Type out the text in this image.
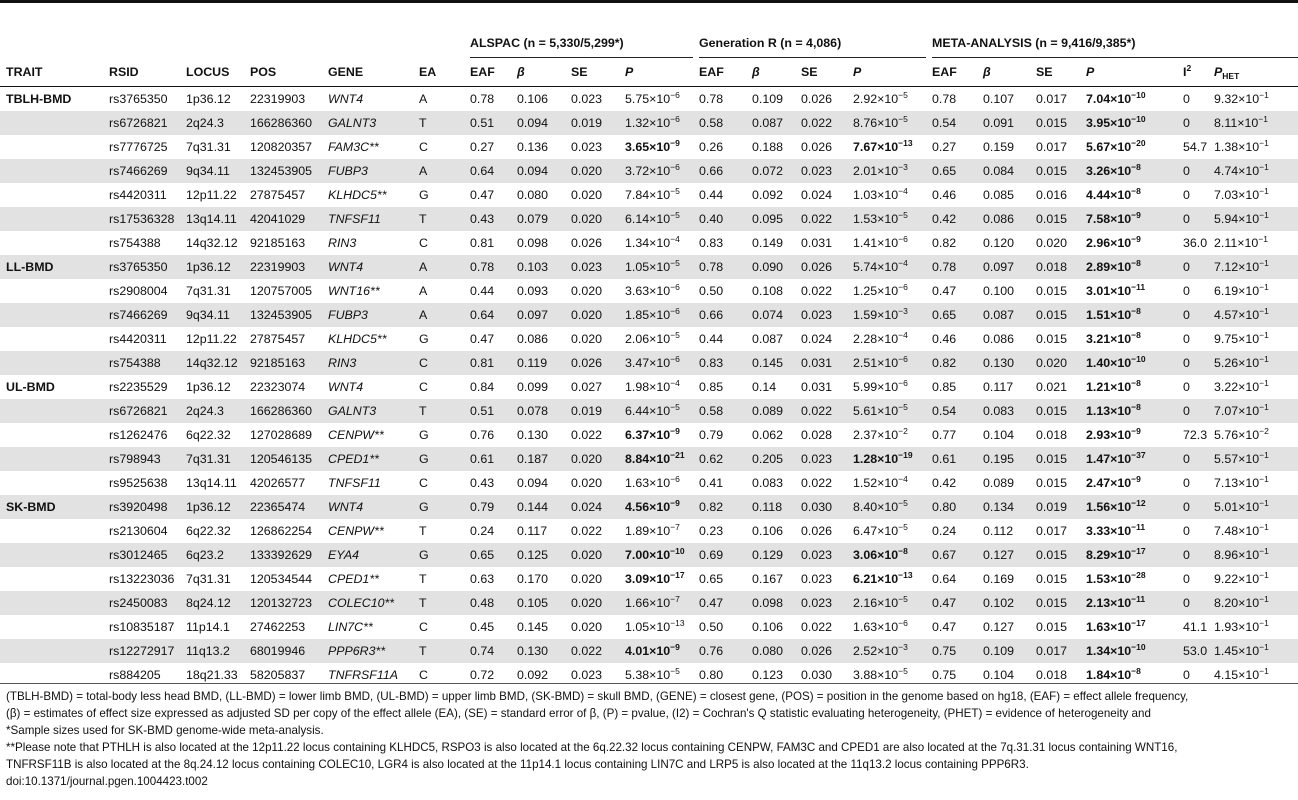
						ALSPAC (n = 5,330/5,299*)				Generation R (n = 4,086)				META-ANALYSIS (n = 9,416/9,385*)					

TRAIT	RSID	LOCUS	POS	GENE	EA	EAF	β	SE	P	EAF	β	SE	P	EAF	β	SE	P	$I^2$	$P_{HET}$
TBLH-BMD	rs3765350	1p36.12	22319903	WNT4	A	0.78	0.106	0.023	$5.75\times 10^{-6}$	0.78	0.109	0.026	$2.92\times 10^{-5}$	0.78	0.107	0.017	$7.04\times 10^{-10}$	0	$9.32\times 10^{-1}$
	rs6726821	2q24.3	166286360	GALNT3	T	0.51	0.094	0.019	$1.32\times 10^{-6}$	0.58	0.087	0.022	$8.76\times 10^{-5}$	0.54	0.091	0.015	$3.95\times 10^{-10}$	0	$8.11\times 10^{-1}$
	rs7776725	7q31.31	120820357	FAM3C**	C	0.27	0.136	0.023	$3.65\times 10^{-9}$	0.26	0.188	0.026	$7.67\times 10^{-13}$	0.27	0.159	0.017	$5.67\times 10^{-20}$	54.7	$1.38\times 10^{-1}$
	rs7466269	9q34.11	132453905	FUBP3	A	0.64	0.094	0.020	$3.72\times 10^{-6}$	0.66	0.072	0.023	$2.01\times 10^{-3}$	0.65	0.084	0.015	$3.26\times 10^{-8}$	0	$4.74\times 10^{-1}$
	rs4420311	12p11.22	27875457	KLHDC5**	G	0.47	0.080	0.020	$7.84\times 10^{-5}$	0.44	0.092	0.024	$1.03\times 10^{-4}$	0.46	0.085	0.016	$4.44\times 10^{-8}$	0	$7.03\times 10^{-1}$
	rs17536328	13q14.11	42041029	TNFSF11	T	0.43	0.079	0.020	$6.14\times 10^{-5}$	0.40	0.095	0.022	$1.53\times 10^{-5}$	0.42	0.086	0.015	$7.58\times 10^{-9}$	0	$5.94\times 10^{-1}$
	rs754388	14q32.12	92185163	RIN3	C	0.81	0.098	0.026	$1.34\times 10^{-4}$	0.83	0.149	0.031	$1.41\times 10^{-6}$	0.82	0.120	0.020	$2.96\times 10^{-9}$	36.0	$2.11\times 10^{-1}$
LL-BMD	rs3765350	1p36.12	22319903	WNT4	A	0.78	0.103	0.023	$1.05\times 10^{-5}$	0.78	0.090	0.026	$5.74\times 10^{-4}$	0.78	0.097	0.018	$2.89\times 10^{-8}$	0	$7.12\times 10^{-1}$
	rs2908004	7q31.31	120757005	WNT16**	A	0.44	0.093	0.020	$3.63\times 10^{-6}$	0.50	0.108	0.022	$1.25\times 10^{-6}$	0.47	0.100	0.015	$3.01\times 10^{-11}$	0	$6.19\times 10^{-1}$
	rs7466269	9q34.11	132453905	FUBP3	A	0.64	0.097	0.020	$1.85\times 10^{-6}$	0.66	0.074	0.023	$1.59\times 10^{-3}$	0.65	0.087	0.015	$1.51\times 10^{-8}$	0	$4.57\times 10^{-1}$
	rs4420311	12p11.22	27875457	KLHDC5**	G	0.47	0.086	0.020	$2.06\times 10^{-5}$	0.44	0.087	0.024	$2.28\times 10^{-4}$	0.46	0.086	0.015	$3.21\times 10^{-8}$	0	$9.75\times 10^{-1}$
	rs754388	14q32.12	92185163	RIN3	C	0.81	0.119	0.026	$3.47\times 10^{-6}$	0.83	0.145	0.031	$2.51\times 10^{-6}$	0.82	0.130	0.020	$1.40\times 10^{-10}$	0	$5.26\times 10^{-1}$
UL-BMD	rs2235529	1p36.12	22323074	WNT4	C	0.84	0.099	0.027	$1.98\times 10^{-4}$	0.85	0.14	0.031	$5.99\times 10^{-6}$	0.85	0.117	0.021	$1.21\times 10^{-8}$	0	$3.22\times 10^{-1}$
	rs6726821	2q24.3	166286360	GALNT3	T	0.51	0.078	0.019	$6.44\times 10^{-5}$	0.58	0.089	0.022	$5.61\times 10^{-5}$	0.54	0.083	0.015	$1.13\times 10^{-8}$	0	$7.07\times 10^{-1}$
	rs1262476	6q22.32	127028689	CENPW**	G	0.76	0.130	0.022	$6.37\times 10^{-9}$	0.79	0.062	0.028	$2.37\times 10^{-2}$	0.77	0.104	0.018	$2.93\times 10^{-9}$	72.3	$5.76\times 10^{-2}$
	rs798943	7q31.31	120546135	CPED1**	G	0.61	0.187	0.020	$8.84\times 10^{-21}$	0.62	0.205	0.023	$1.28\times 10^{-19}$	0.61	0.195	0.015	$1.47\times 10^{-37}$	0	$5.57\times 10^{-1}$
	rs9525638	13q14.11	42026577	TNFSF11	C	0.43	0.094	0.020	$1.63\times 10^{-6}$	0.41	0.083	0.022	$1.52\times 10^{-4}$	0.42	0.089	0.015	$2.47\times 10^{-9}$	0	$7.13\times 10^{-1}$
SK-BMD	rs3920498	1p36.12	22365474	WNT4	G	0.79	0.144	0.024	$4.56\times 10^{-9}$	0.82	0.118	0.030	$8.40\times 10^{-5}$	0.80	0.134	0.019	$1.56\times 10^{-12}$	0	$5.01\times 10^{-1}$
	rs2130604	6q22.32	126862254	CENPW**	T	0.24	0.117	0.022	$1.89\times 10^{-7}$	0.23	0.106	0.026	$6.47\times 10^{-5}$	0.24	0.112	0.017	$3.33\times 10^{-11}$	0	$7.48\times 10^{-1}$
	rs3012465	6q23.2	133392629	EYA4	G	0.65	0.125	0.020	$7.00\times 10^{-10}$	0.69	0.129	0.023	$3.06\times 10^{-8}$	0.67	0.127	0.015	$8.29\times 10^{-17}$	0	$8.96\times 10^{-1}$
	rs13223036	7q31.31	120534544	CPED1**	T	0.63	0.170	0.020	$3.09\times 10^{-17}$	0.65	0.167	0.023	$6.21\times 10^{-13}$	0.64	0.169	0.015	$1.53\times 10^{-28}$	0	$9.22\times 10^{-1}$
	rs2450083	8q24.12	120132723	COLEC10**	T	0.48	0.105	0.020	$1.66\times 10^{-7}$	0.47	0.098	0.023	$2.16\times 10^{-5}$	0.47	0.102	0.015	$2.13\times 10^{-11}$	0	$8.20\times 10^{-1}$
	rs10835187	11p14.1	27462253	LIN7C**	C	0.45	0.145	0.020	$1.05\times 10^{-13}$	0.50	0.106	0.022	$1.63\times 10^{-6}$	0.47	0.127	0.015	$1.63\times 10^{-17}$	41.1	$1.93\times 10^{-1}$
	rs12272917	11q13.2	68019946	PPP6R3**	T	0.74	0.130	0.022	$4.01\times 10^{-9}$	0.76	0.080	0.026	$2.52\times 10^{-3}$	0.75	0.109	0.017	$1.34\times 10^{-10}$	53.0	$1.45\times 10^{-1}$
	rs884205	18q21.33	58205837	TNFRSF11A	C	0.72	0.092	0.023	$5.38\times 10^{-5}$	0.80	0.123	0.030	$3.88\times 10^{-5}$	0.75	0.104	0.018	$1.84\times 10^{-8}$	0	$4.15\times 10^{-1}$
(TBLH-BMD) = total-body less head BMD, (LL-BMD) = lower limb BMD, (UL-BMD) = upper limb BMD, (SK-BMD) = skull BMD, (GENE) = closest gene, (POS) = position in the genome based on hg18, (EAF) = effect allele frequency,
(β) = estimates of effect size expressed as adjusted SD per copy of the effect allele (EA), (SE) = standard error of β, (P) = pvalue, (I2) = Cochran's Q statistic evaluating heterogeneity, (PHET) = evidence of heterogeneity and
*Sample sizes used for SK-BMD genome-wide meta-analysis.
**Please note that PTHLH is also located at the 12p11.22 locus containing KLHDC5, RSPO3 is also located at the 6q.22.32 locus containing CENPW, FAM3C and CPED1 are also located at the 7q.31.31 locus containing WNT16,
TNFRSF11B is also located at the 8q.24.12 locus containing COLEC10, LGR4 is also located at the 11p14.1 locus containing LIN7C and LRP5 is also located at the 11q13.2 locus containing PPP6R3.
doi:10.1371/journal.pgen.1004423.t002
